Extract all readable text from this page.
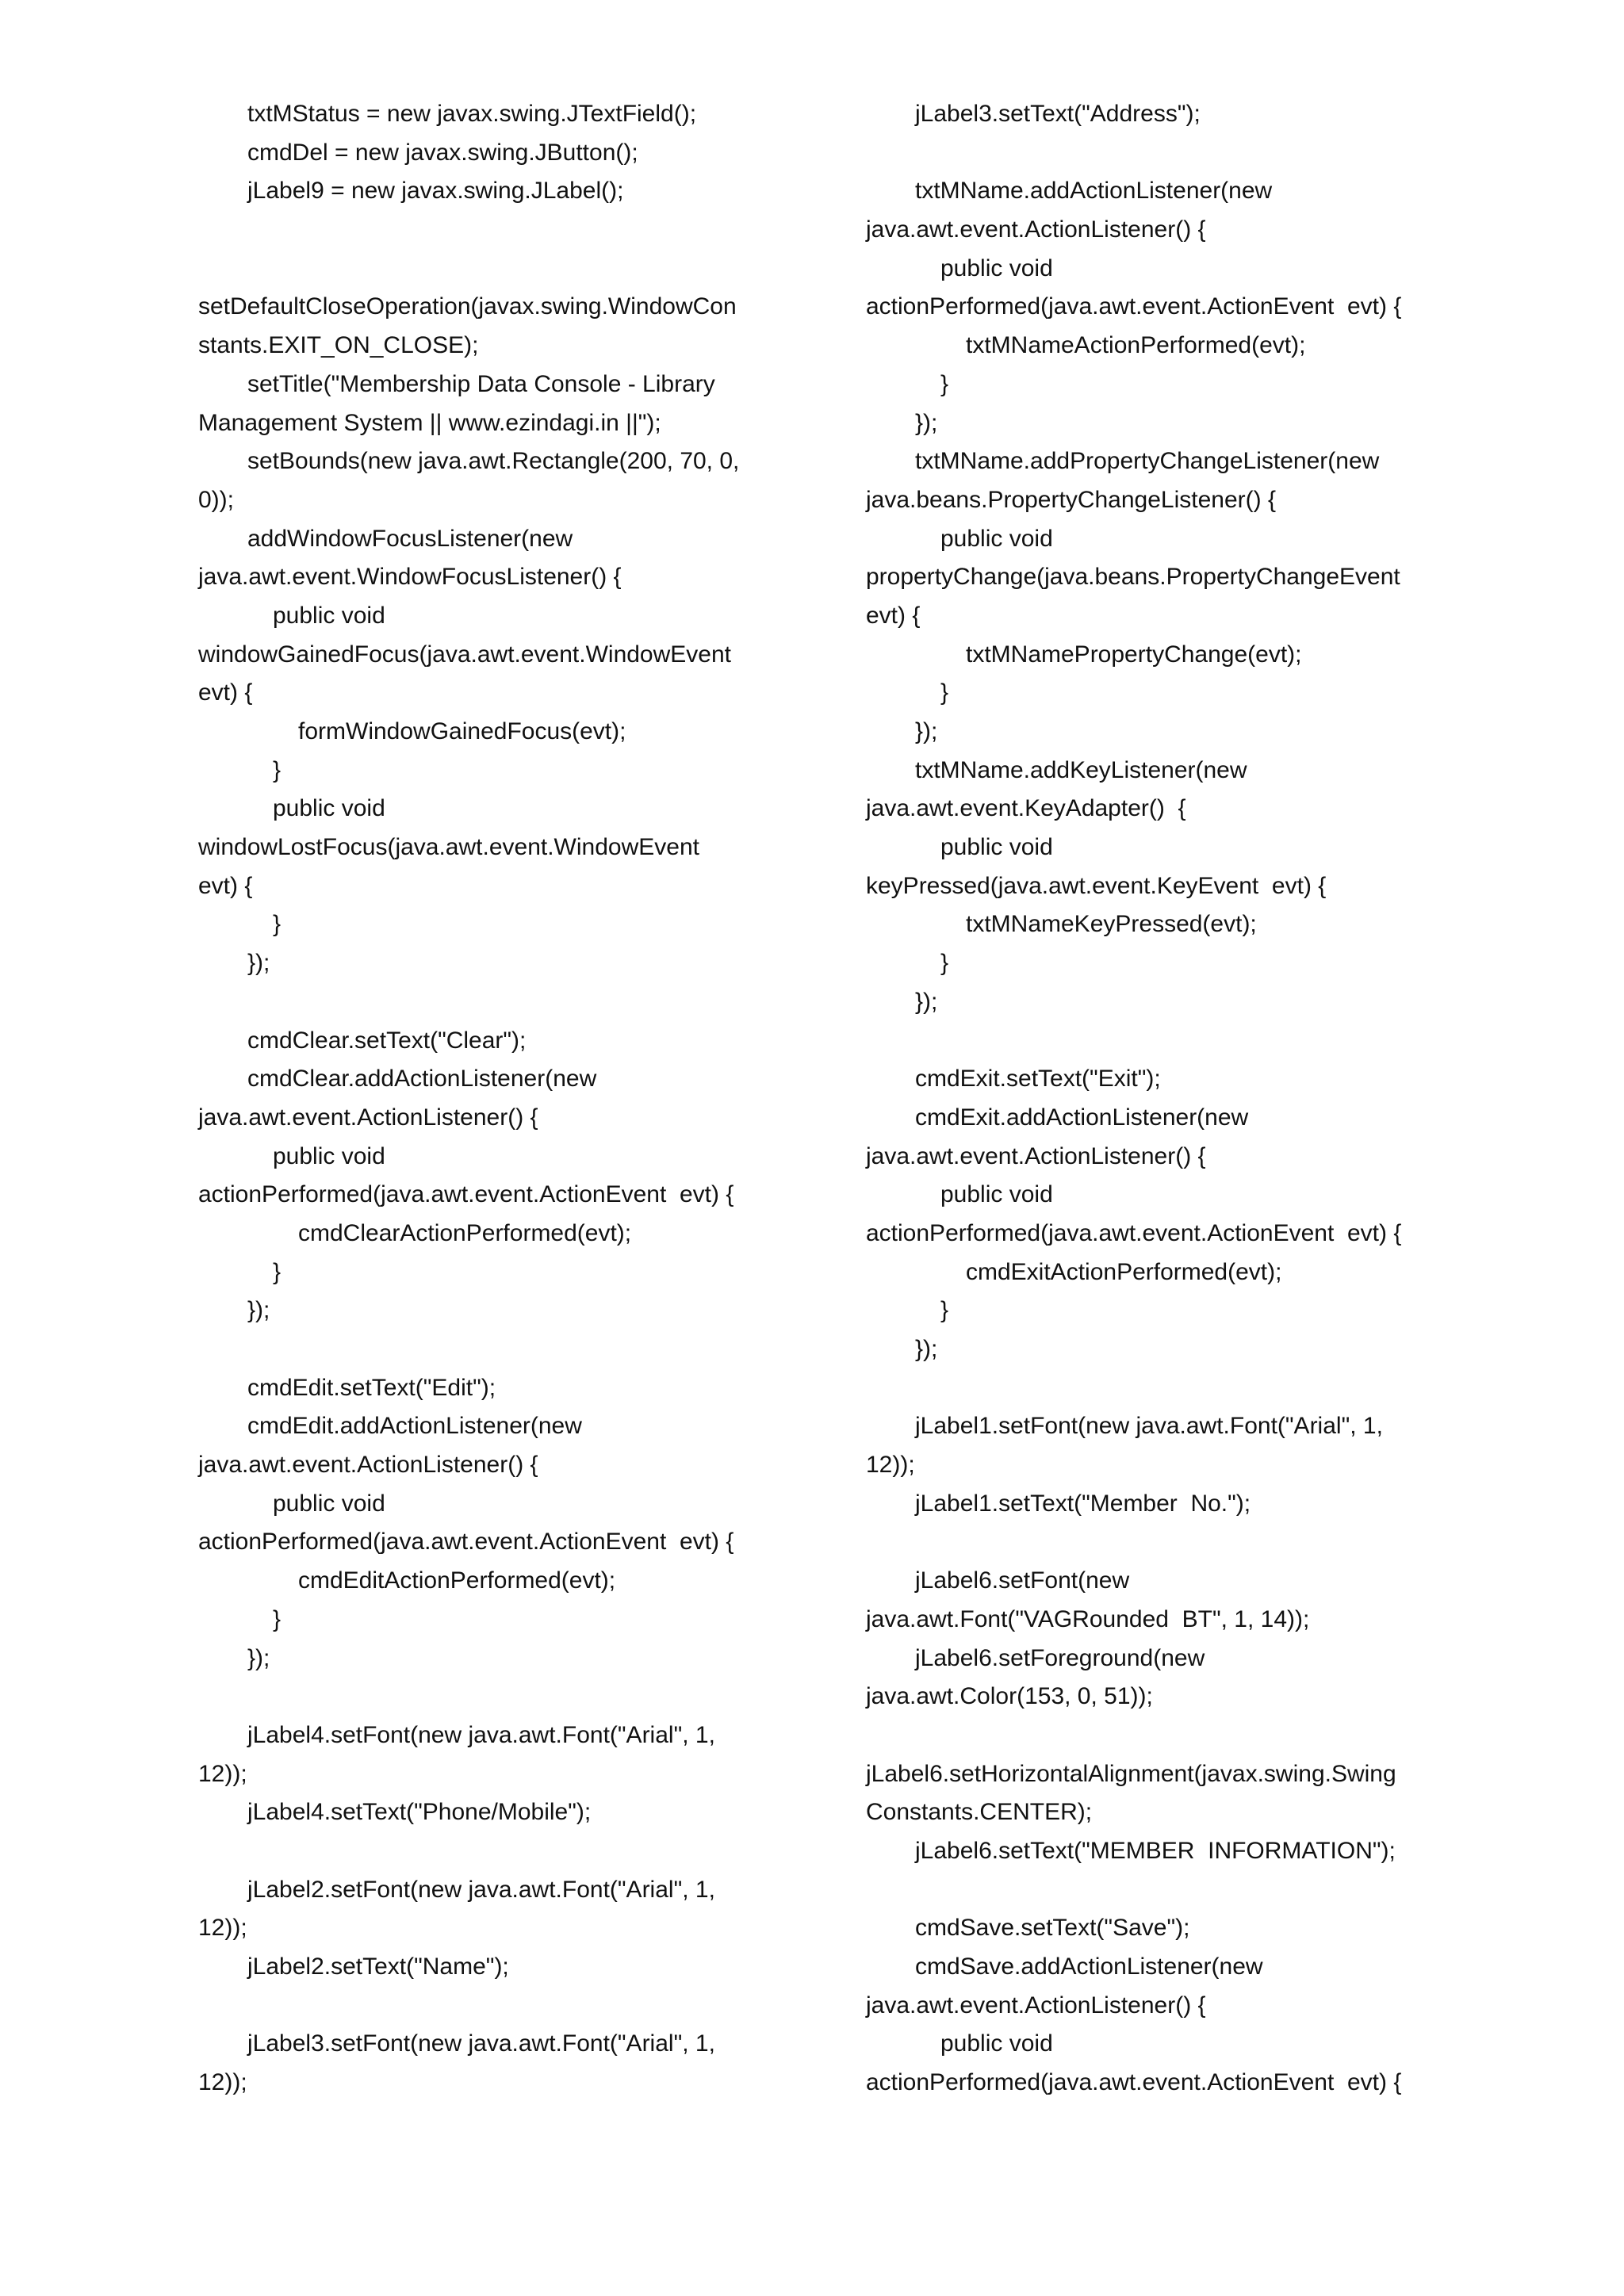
txtMStatus = new javax.swing.JTextField();
cmdDel = new javax.swing.JButton();
jLabel9 = new javax.swing.JLabel();
setDefaultCloseOperation(javax.swing.WindowCon
stants.EXIT_ON_CLOSE);
setTitle("Membership Data Console - Library
Management System || www.ezindagi.in ||");
setBounds(new java.awt.Rectangle(200, 70, 0,
0));
addWindowFocusListener(new
java.awt.event.WindowFocusListener() {
public void
windowGainedFocus(java.awt.event.WindowEvent
evt) {
formWindowGainedFocus(evt);
}
public void
windowLostFocus(java.awt.event.WindowEvent
evt) {
}
});
cmdClear.setText("Clear");
cmdClear.addActionListener(new
java.awt.event.ActionListener() {
public void
actionPerformed(java.awt.event.ActionEvent  evt) {
cmdClearActionPerformed(evt);
}
});
cmdEdit.setText("Edit");
cmdEdit.addActionListener(new
java.awt.event.ActionListener() {
public void
actionPerformed(java.awt.event.ActionEvent  evt) {
cmdEditActionPerformed(evt);
}
});
jLabel4.setFont(new java.awt.Font("Arial", 1,
12));
jLabel4.setText("Phone/Mobile");
jLabel2.setFont(new java.awt.Font("Arial", 1,
12));
jLabel2.setText("Name");
jLabel3.setFont(new java.awt.Font("Arial", 1,
12));
jLabel3.setText("Address");
txtMName.addActionListener(new
java.awt.event.ActionListener() {
public void
actionPerformed(java.awt.event.ActionEvent  evt) {
txtMNameActionPerformed(evt);
}
});
txtMName.addPropertyChangeListener(new
java.beans.PropertyChangeListener() {
public void
propertyChange(java.beans.PropertyChangeEvent
evt) {
txtMNamePropertyChange(evt);
}
});
txtMName.addKeyListener(new
java.awt.event.KeyAdapter()  {
public void
keyPressed(java.awt.event.KeyEvent  evt) {
txtMNameKeyPressed(evt);
}
});
cmdExit.setText("Exit");
cmdExit.addActionListener(new
java.awt.event.ActionListener() {
public void
actionPerformed(java.awt.event.ActionEvent  evt) {
cmdExitActionPerformed(evt);
}
});
jLabel1.setFont(new java.awt.Font("Arial", 1,
12));
jLabel1.setText("Member  No.");
jLabel6.setFont(new
java.awt.Font("VAGRounded  BT", 1, 14));
jLabel6.setForeground(new
java.awt.Color(153, 0, 51));
jLabel6.setHorizontalAlignment(javax.swing.Swing
Constants.CENTER);
jLabel6.setText("MEMBER  INFORMATION");
cmdSave.setText("Save");
cmdSave.addActionListener(new
java.awt.event.ActionListener() {
public void
actionPerformed(java.awt.event.ActionEvent  evt) {
